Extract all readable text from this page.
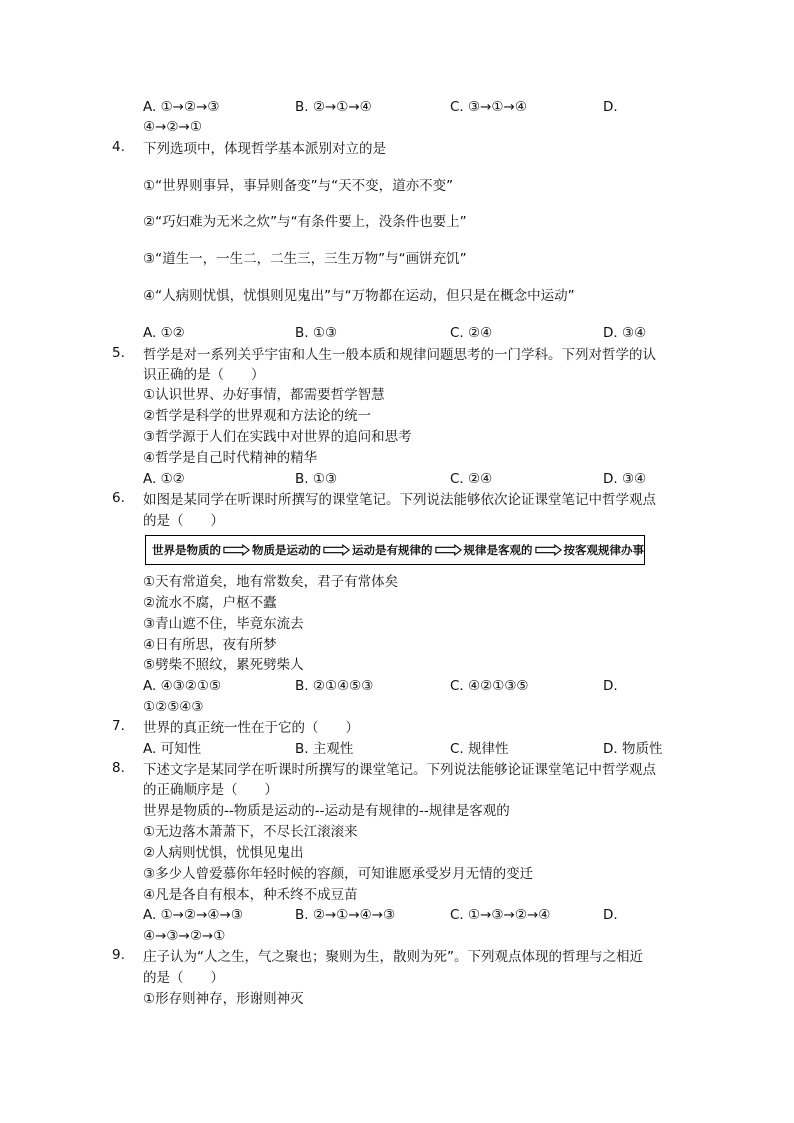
A. ①→②→③	B. ②→①→④	C. ③→①→④	D.
④→②→①
4. 下列选项中，体现哲学基本派别对立的是
①“世界则事异，事异则备变”与“天不变，道亦不变”
②“巧妇难为无米之炊”与“有条件要上，没条件也要上”
③“道生一，一生二，二生三，三生万物”与“画饼充饥”
④“人病则忧惧，忧惧则见鬼出”与“万物都在运动，但只是在概念中运动”
A. ①②	B. ①③	C. ②④	D. ③④
5. 哲学是对一系列关乎宇宙和人生一般本质和规律问题思考的一门学科。下列对哲学的认
识正确的是（　　）
①认识世界、办好事情，都需要哲学智慧
②哲学是科学的世界观和方法论的统一
③哲学源于人们在实践中对世界的追问和思考
④哲学是自己时代精神的精华
A. ①②	B. ①③	C. ②④	D. ③④
6. 如图是某同学在听课时所撰写的课堂笔记。下列说法能够依次论证课堂笔记中哲学观点
的是（　　）
世界是物质的	物质是运动的	运动是有规律的	规律是客观的	按客观规律办事
①天有常道矣，地有常数矣，君子有常体矣
②流水不腐，户枢不蠹
③青山遮不住，毕竟东流去
④日有所思，夜有所梦
⑤劈柴不照纹，累死劈柴人
A. ④③②①⑤	B. ②①④⑤③	C. ④②①③⑤	D.
①②⑤④③
7. 世界的真正统一性在于它的（　　）
A. 可知性	B. 主观性	C. 规律性	D. 物质性
8. 下述文字是某同学在听课时所撰写的课堂笔记。下列说法能够论证课堂笔记中哲学观点
的正确顺序是（　　）
世界是物质的--物质是运动的--运动是有规律的--规律是客观的
①无边落木萧萧下，不尽长江滚滚来
②人病则忧惧，忧惧见鬼出
③多少人曾爱慕你年轻时候的容颜，可知谁愿承受岁月无情的变迁
④凡是各自有根本，种禾终不成豆苗
A. ①→②→④→③	B. ②→①→④→③	C. ①→③→②→④	D.
④→③→②→①
9. 庄子认为“人之生，气之聚也；聚则为生，散则为死”。下列观点体现的哲理与之相近
的是（　　）
①形存则神存，形谢则神灭
